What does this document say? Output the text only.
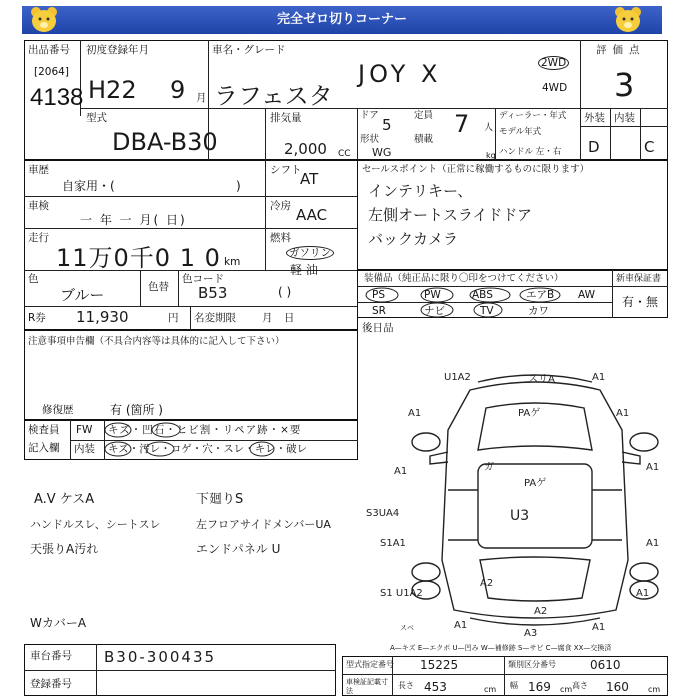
完全ゼロ切りコーナー
出品番号
[2064]
4138
初度登録年月
H22 9 月
車名・グレード
ラフェスタ
JOY X	2WD
4WD
評価点
3
型式
DBA-B30
排気量
2,000 CC
ドア
5
定員 7 人
形状
WG
積載
kg
ディーラー・年式
モデル年式
ハンドル 左・右
外装 内装
D	C
車歴
自家用・(	)
車検
一 年 一 月( 日)
走行
11万0千0 1 0 km
色
ブルー	色替
色コード
B53
R券 11,930	円 名変期限 月 日
シフト
AT
冷房 AAC
燃料
ガソリン
軽 油
( )
セールスポイント（正常に稼働するものに限ります）
インテリキー、
左側オートスライドドア
バックカメラ
装備品（純正品に限り〇印をつけてください）	新車保証書
有・無
PS	PW	ABS	エアB AW
SR	ナビ	TV	カワ
後日品
注意事項申告欄（不具合内容等は具体的に記入して下さい）
修復歴	有 (箇所 )
検査員
記入欄
FW キズ・凹石・ヒビ割・リペア跡・×要
内装 キズ・汚レ・コゲ・穴・スレ・キレ・破レ
A.V ケスA	下廻りS
ハンドルスレ、シートスレ	左フロアサイドメンバーUA
天張りA汚れ	エンドパネル U
WカバーA
U1A2	スリA	A1
A1	PAゲ	A1
A1	ガ
PAゲ
A1
S3UA4	U3
S1A1	A1
S1 U1A2
A2
A1
A2
スベ	A1
A3
A1
A—キズ E—エクボ U—凹み W—補修跡 S—サビ C—腐食 XX—交換済
車台番号 B30-300435
登録番号
型式指定番号 15225	類別区分番号	0610
車検証記載寸法
長さ 453	cm 幅 169 cm 高さ 160 cm
